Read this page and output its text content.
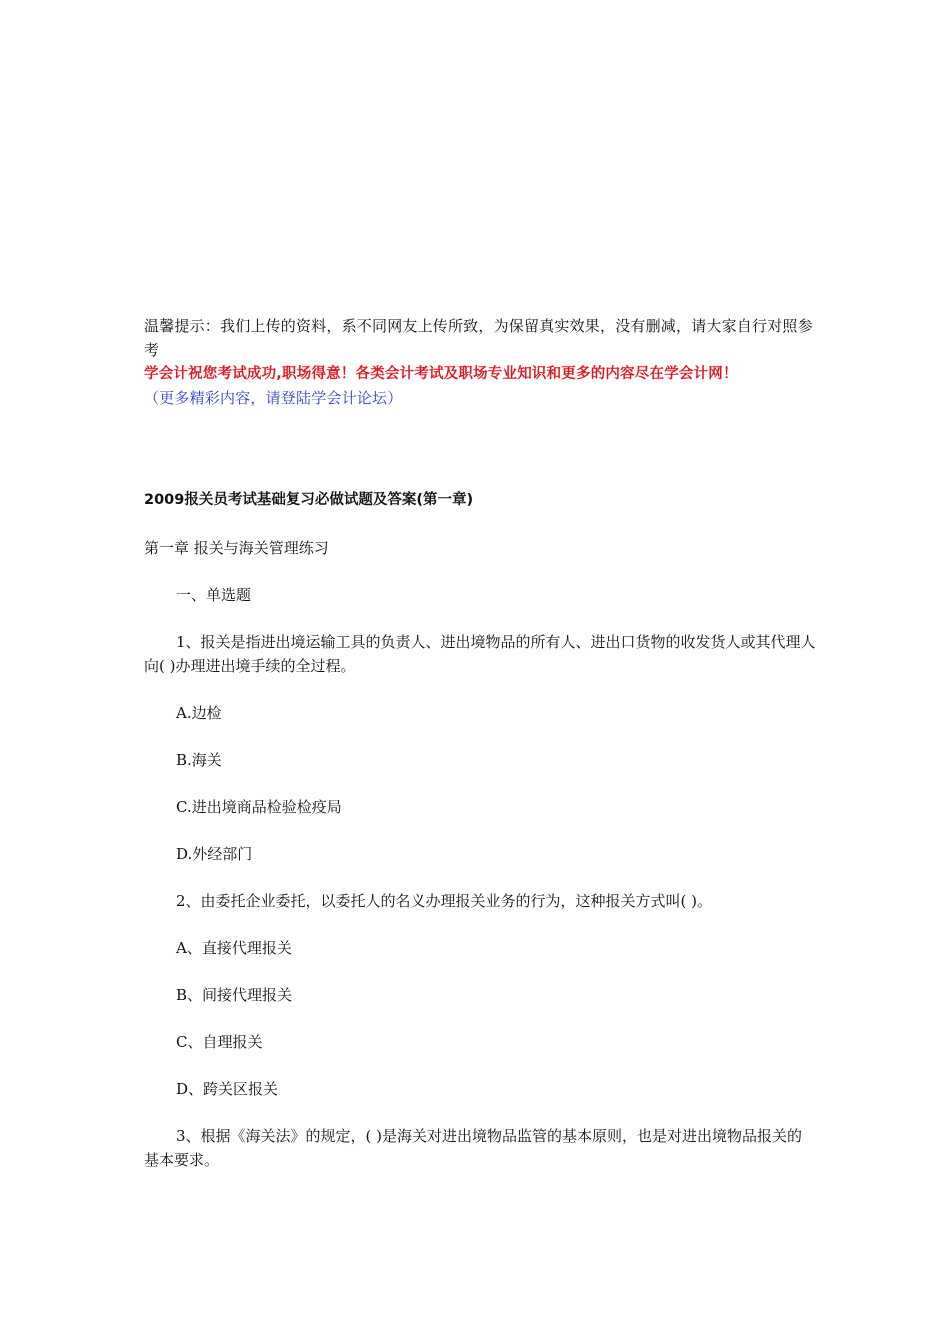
温馨提示：我们上传的资料，系不同网友上传所致，为保留真实效果，没有删减，请大家自行对照参考
学会计祝您考试成功,职场得意！各类会计考试及职场专业知识和更多的内容尽在学会计网！
（更多精彩内容，请登陆学会计论坛）
2009报关员考试基础复习必做试题及答案(第一章)
第一章 报关与海关管理练习
一、单选题
1、报关是指进出境运输工具的负责人、进出境物品的所有人、进出口货物的收发货人或其代理人向( )办理进出境手续的全过程。
A.边检
B.海关
C.进出境商品检验检疫局
D.外经部门
2、由委托企业委托，以委托人的名义办理报关业务的行为，这种报关方式叫( )。
A、直接代理报关
B、间接代理报关
C、自理报关
D、跨关区报关
3、根据《海关法》的规定，( )是海关对进出境物品监管的基本原则，也是对进出境物品报关的基本要求。
